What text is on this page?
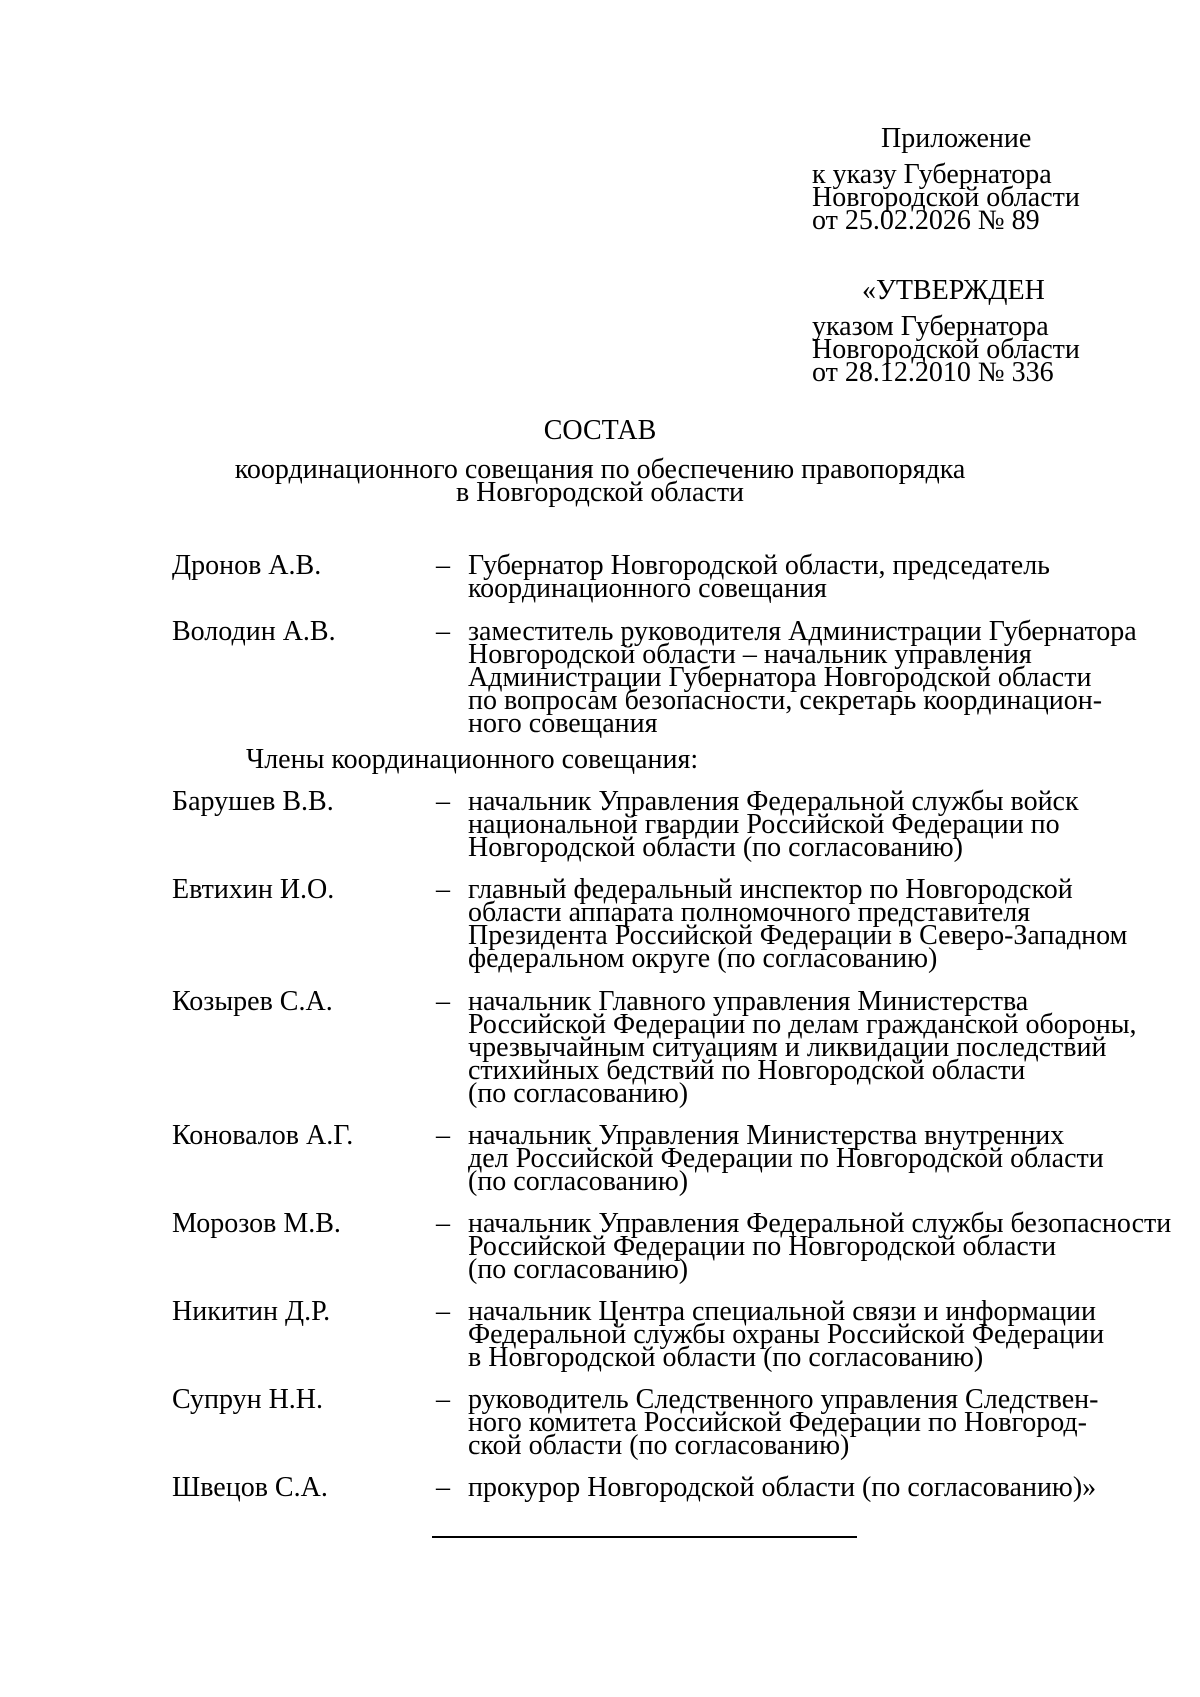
Приложение
к указу Губернатора
Новгородской области
от 25.02.2026 № 89
«УТВЕРЖДЕН
указом Губернатора
Новгородской области
от 28.12.2010 № 336
СОСТАВ
координационного совещания по обеспечению правопорядка
в Новгородской области
Дронов А.В.	– Губернатор Новгородской области, председатель
координационного совещания
Володин А.В.	– заместитель руководителя Администрации Губернатора
Новгородской области – начальник управления
Администрации Губернатора Новгородской области
по вопросам безопасности, секретарь координацион-
ного совещания
Члены координационного совещания:
Барушев В.В.	– начальник Управления Федеральной службы войск
национальной гвардии Российской Федерации по
Новгородской области (по согласованию)
Евтихин И.О.	– главный федеральный инспектор по Новгородской
области аппарата полномочного представителя
Президента Российской Федерации в Северо-Западном
федеральном округе (по согласованию)
Козырев С.А.	– начальник Главного управления Министерства
Российской Федерации по делам гражданской обороны,
чрезвычайным ситуациям и ликвидации последствий
стихийных бедствий по Новгородской области
(по согласованию)
Коновалов А.Г.	– начальник Управления Министерства внутренних
дел Российской Федерации по Новгородской области
(по согласованию)
Морозов М.В.	– начальник Управления Федеральной службы безопасности
Российской Федерации по Новгородской области
(по согласованию)
Никитин Д.Р.	– начальник Центра специальной связи и информации
Федеральной службы охраны Российской Федерации
в Новгородской области (по согласованию)
Супрун Н.Н.	– руководитель Следственного управления Следствен-
ного комитета Российской Федерации по Новгород-
ской области (по согласованию)
Швецов С.А.	– прокурор Новгородской области (по согласованию)»
